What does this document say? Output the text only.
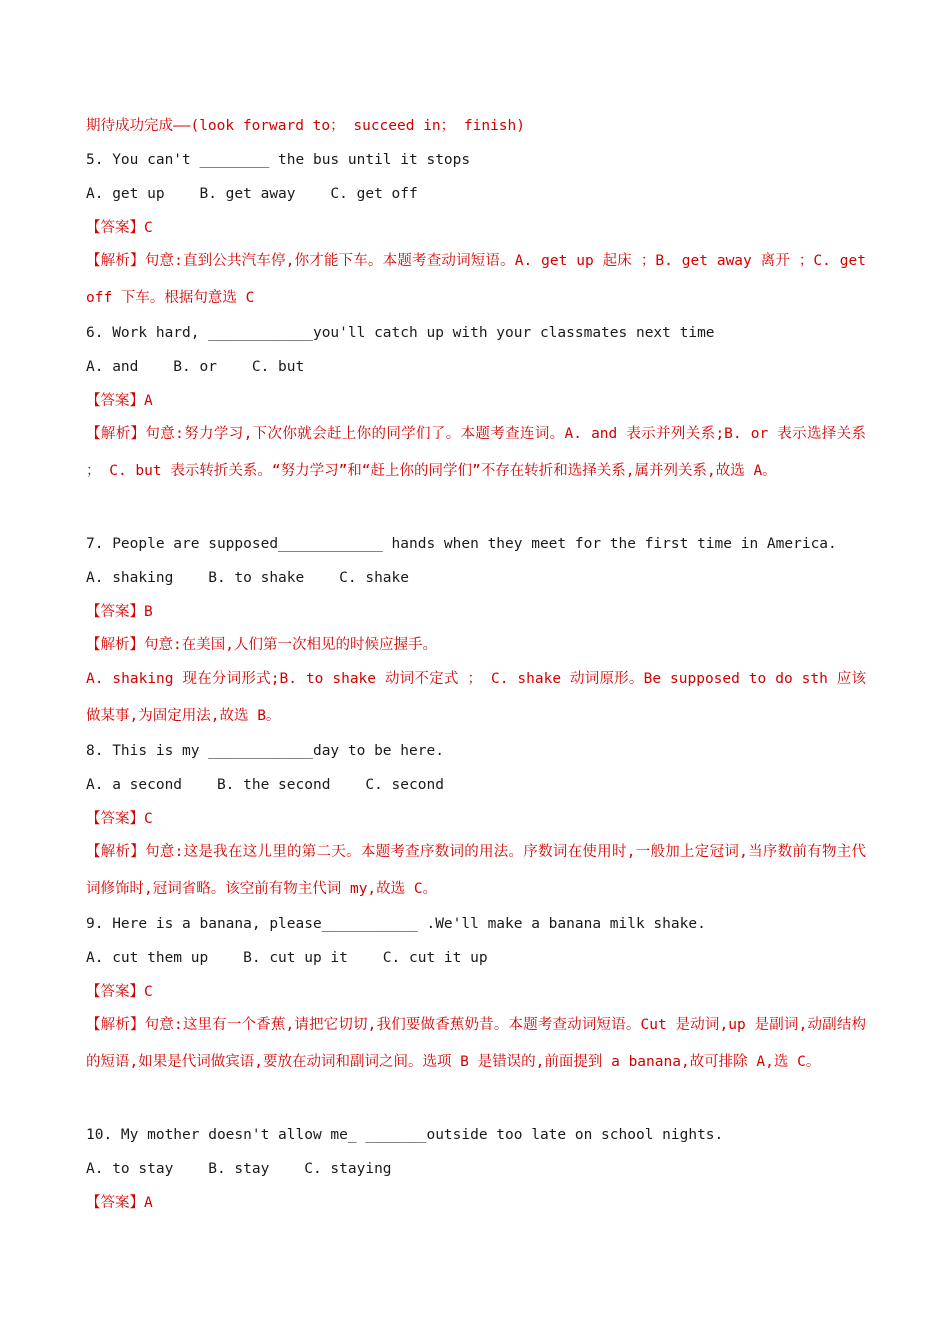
期待成功完成——(look forward to； succeed in； finish)
5. You can't ________ the bus until it stops
A. get up    B. get away    C. get off
【答案】C
【解析】句意:直到公共汽车停,你才能下车。本题考查动词短语。A. get up 起床 ；B. get away 离开 ；C. get off 下车。根据句意选 C
6. Work hard, ____________you'll catch up with your classmates next time
A. and    B. or    C. but
【答案】A
【解析】句意:努力学习,下次你就会赶上你的同学们了。本题考查连词。A. and 表示并列关系;B. or 表示选择关系 ； C. but 表示转折关系。“努力学习”和“赶上你的同学们”不存在转折和选择关系,属并列关系,故选 A。
7. People are supposed____________ hands when they meet for the first time in America.
A. shaking    B. to shake    C. shake
【答案】B
【解析】句意:在美国,人们第一次相见的时候应握手。
A. shaking 现在分词形式;B. to shake 动词不定式 ； C. shake 动词原形。Be supposed to do sth 应该做某事,为固定用法,故选 B。
8. This is my ____________day to be here.
A. a second    B. the second    C. second
【答案】C
【解析】句意:这是我在这儿里的第二天。本题考查序数词的用法。序数词在使用时,一般加上定冠词,当序数前有物主代词修饰时,冠词省略。该空前有物主代词 my,故选 C。
9. Here is a banana, please___________ .We'll make a banana milk shake.
A. cut them up    B. cut up it    C. cut it up
【答案】C
【解析】句意:这里有一个香蕉,请把它切切,我们要做香蕉奶昔。本题考查动词短语。Cut 是动词,up 是副词,动副结构的短语,如果是代词做宾语,要放在动词和副词之间。选项 B 是错误的,前面提到 a banana,故可排除 A,选 C。
10. My mother doesn't allow me_ _______outside too late on school nights.
A. to stay    B. stay    C. staying
【答案】A
